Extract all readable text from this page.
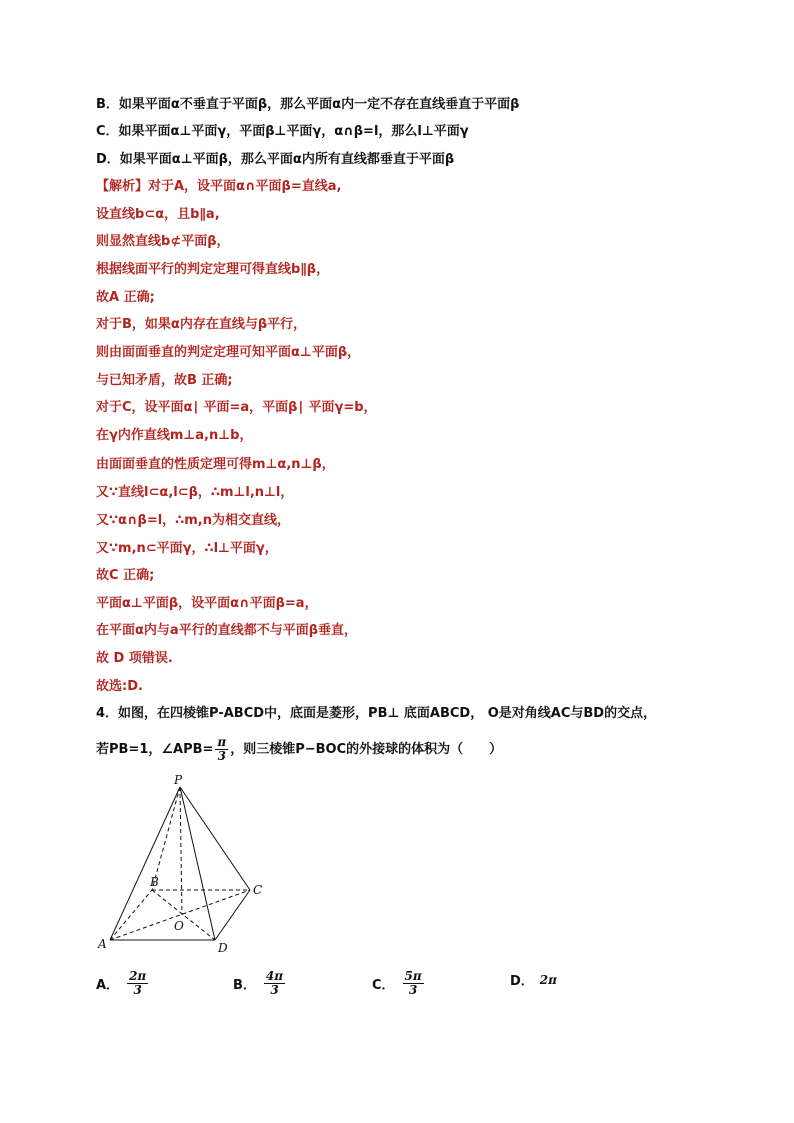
B．如果平面α不垂直于平面β，那么平面α内一定不存在直线垂直于平面β
C．如果平面α⊥平面γ，平面β⊥平面γ，α∩β=l，那么l⊥平面γ
D．如果平面α⊥平面β，那么平面α内所有直线都垂直于平面β
【解析】对于A，设平面α∩平面β=直线a,
设直线b⊂α，且b∥a,
则显然直线b⊄平面β，
根据线面平行的判定定理可得直线b∥β，
故A 正确;
对于B，如果α内存在直线与β平行，
则由面面垂直的判定定理可知平面α⊥平面β，
与已知矛盾，故B 正确;
对于C，设平面α∣ 平面=a，平面β∣ 平面γ=b，
在γ内作直线m⊥a,n⊥b，
由面面垂直的性质定理可得m⊥α,n⊥β，
又∵直线l⊂α,l⊂β，∴m⊥l,n⊥l，
又∵α∩β=l，∴m,n为相交直线，
又∵m,n⊂平面γ，∴l⊥平面γ，
故C 正确;
平面α⊥平面β，设平面α∩平面β=a，
在平面α内与a平行的直线都不与平面β垂直，
故 D 项错误.
故选:D.
4．如图，在四棱锥P-ABCD中，底面是菱形，PB⊥ 底面ABCD， O是对角线AC与BD的交点，
若PB=1，∠APB= $\frac{\pi}{3}$ ，则三棱锥P−BOC的外接球的体积为（　　）
P
A
B
C
D
O
A． $\frac{2\pi}{3}$	B． $\frac{4\pi}{3}$	C． $\frac{5\pi}{3}$	D． 2π
